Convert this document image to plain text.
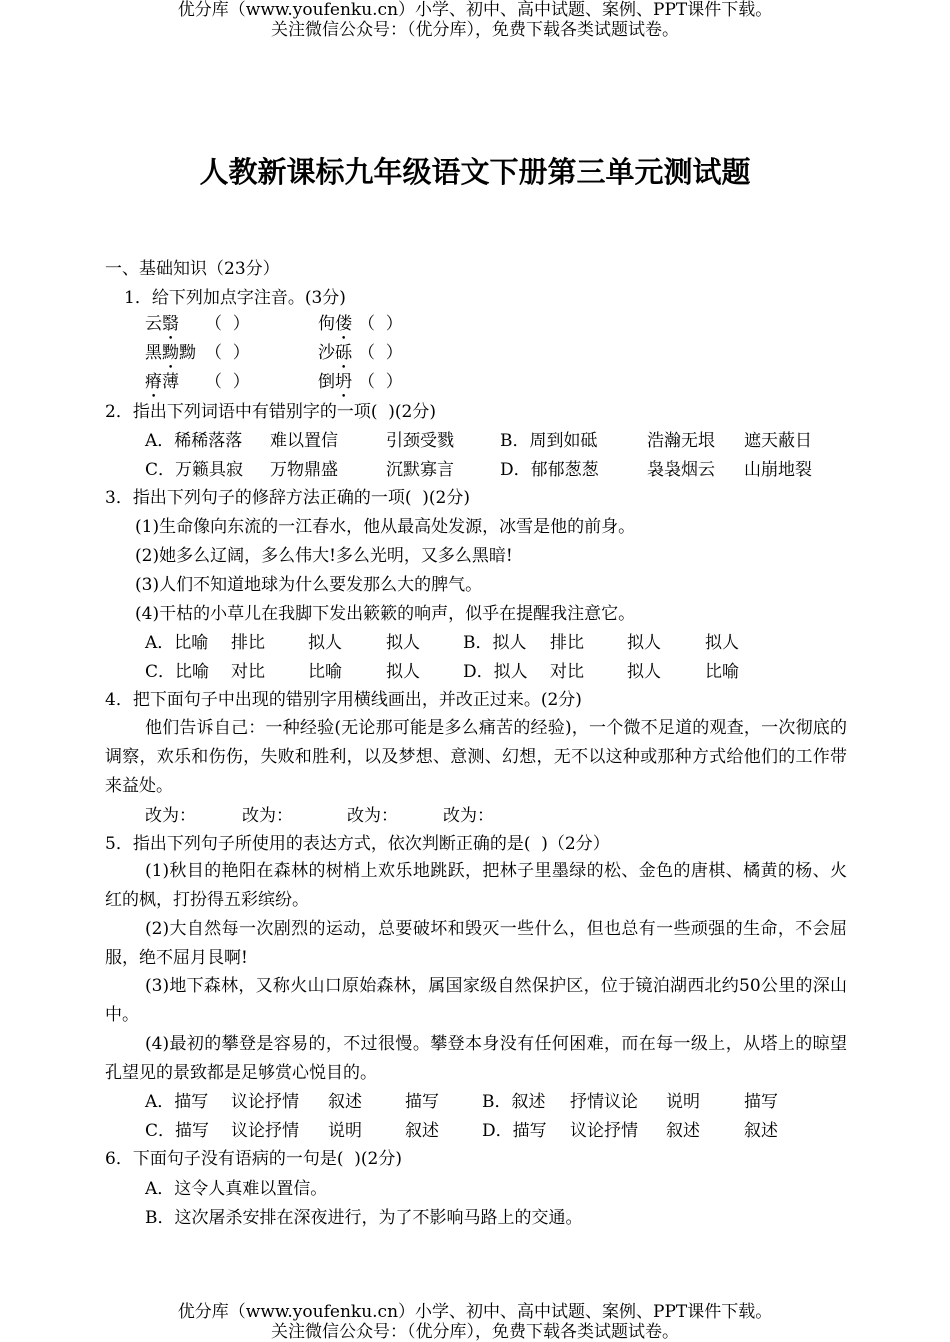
优分库（www.youfenku.cn）小学、初中、高中试题、案例、PPT课件下载。
关注微信公众号：（优分库），免费下载各类试题试卷。
人教新课标九年级语文下册第三单元测试题
一、基础知识（23分）
1．给下列加点字注音。(3分)
云翳 （  ）	佝偻 （  ）
黑黝黝 （  ）	沙砾 （  ）
瘠薄 （  ）	倒坍 （  ）
2．指出下列词语中有错别字的一项(  )(2分)
A．稀稀落落 难以置信	引颈受戮	B．周到如砥	浩瀚无垠 遮天蔽日
C．万籁具寂 万物鼎盛	沉默寡言	D．郁郁葱葱	袅袅烟云 山崩地裂
3．指出下列句子的修辞方法正确的一项(  )(2分)
(1)生命像向东流的一江春水，他从最高处发源，冰雪是他的前身。
(2)她多么辽阔，多么伟大!多么光明，又多么黑暗!
(3)人们不知道地球为什么要发那么大的脾气。
(4)干枯的小草儿在我脚下发出簌簌的响声，似乎在提醒我注意它。
A．比喻 排比	拟人	拟人	B．拟人 排比	拟人	拟人
C．比喻 对比	比喻	拟人	D．拟人 对比	拟人	比喻
4．把下面句子中出现的错别字用横线画出，并改正过来。(2分)
他们告诉自己：一种经验(无论那可能是多么痛苦的经验)，一个微不足道的观查，一次彻底的调察，欢乐和伤伤，失败和胜利，以及梦想、意测、幻想，无不以这种或那种方式给他们的工作带来益处。
改为：	改为：	改为：	改为：
5．指出下列句子所使用的表达方式，依次判断正确的是(  )（2分）
(1)秋目的艳阳在森林的树梢上欢乐地跳跃，把林子里墨绿的松、金色的唐棋、橘黄的杨、火红的枫，打扮得五彩缤纷。
(2)大自然每一次剧烈的运动，总要破坏和毁灭一些什么，但也总有一些顽强的生命，不会屈服，绝不屈月艮啊!
(3)地下森林，又称火山口原始森林，属国家级自然保护区，位于镜泊湖西北约50公里的深山中。
(4)最初的攀登是容易的，不过很慢。攀登本身没有任何困难，而在每一级上，从塔上的晾望孔望见的景致都是足够赏心悦目的。
A．描写 议论抒情 叙述	描写	B．叙述 抒情议论 说明	描写
C．描写 议论抒情 说明	叙述	D．描写 议论抒情 叙述	叙述
6．下面句子没有语病的一句是(  )(2分)
A．这令人真难以置信。
B．这次屠杀安排在深夜进行，为了不影响马路上的交通。
优分库（www.youfenku.cn）小学、初中、高中试题、案例、PPT课件下载。
关注微信公众号：（优分库），免费下载各类试题试卷。
